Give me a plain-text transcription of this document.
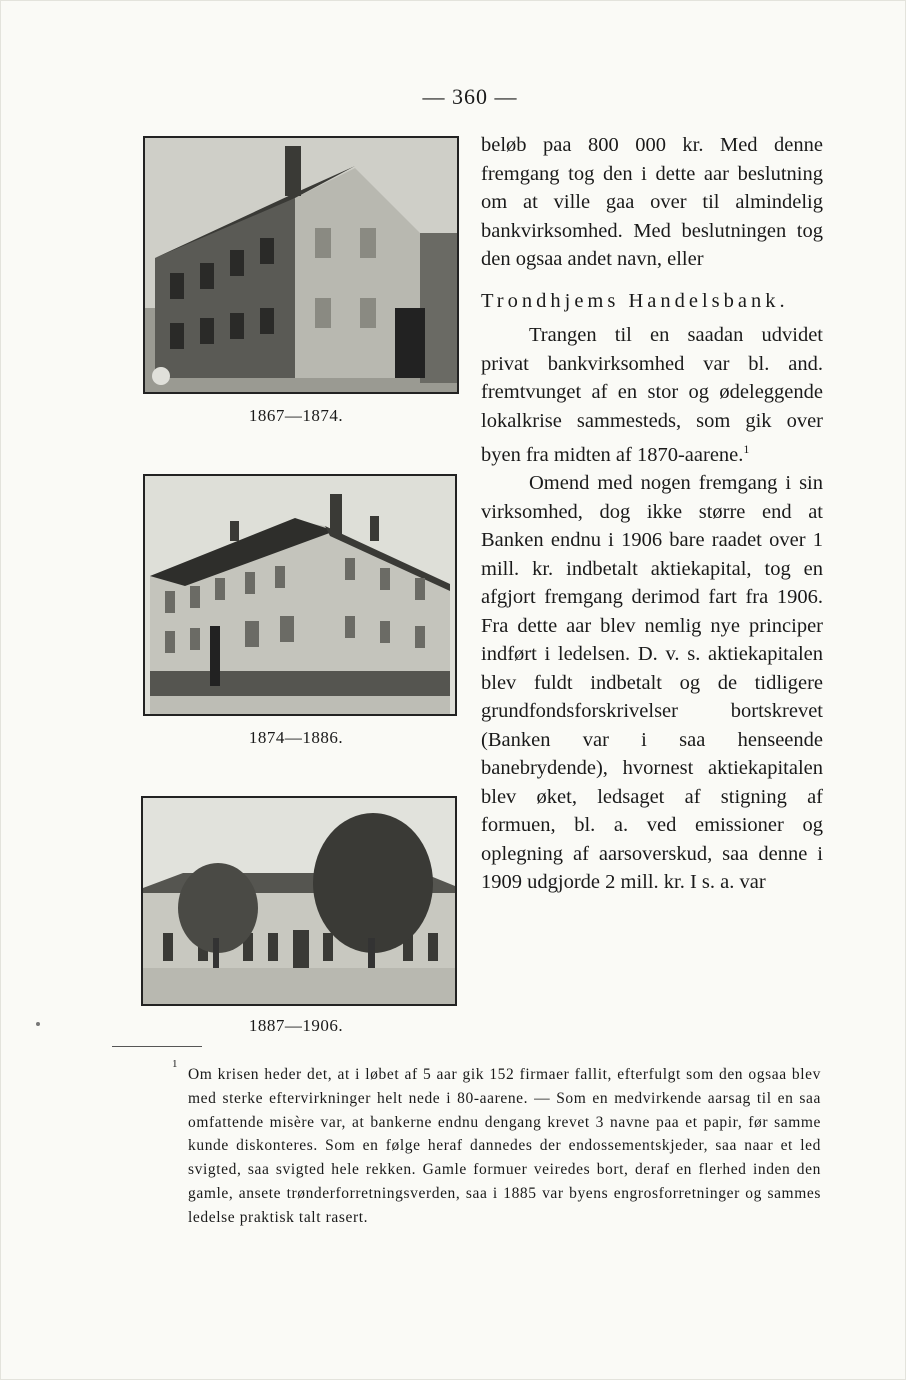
— 360 —
1867—1874.
1874—1886.
1887—1906.

beløb paa 800 000 kr. Med denne fremgang tog den i dette aar beslutning om at ville gaa over til almindelig bankvirksomhed. Med beslutningen tog den ogsaa andet navn, eller

Trondhjems Handelsbank.

Trangen til en saadan udvidet privat bankvirksomhed var bl. and. fremtvunget af en stor og ødeleggende lokalkrise sammesteds, som gik over byen fra midten af 1870-aarene.$^1$

Omend med nogen fremgang i sin virksomhed, dog ikke større end at Banken endnu i 1906 bare raadet over 1 mill. kr. indbetalt aktiekapital, tog en afgjort fremgang derimod fart fra 1906. Fra dette aar blev nemlig nye principer indført i ledelsen. D. v. s. aktiekapitalen blev fuldt indbetalt og de tidligere grundfondsforskrivelser bortskrevet (Banken var i saa henseende banebrydende), hvornest aktiekapitalen blev øket, ledsaget af stigning af formuen, bl. a. ved emissioner og oplegning af aarsoverskud, saa denne i 1909 udgjorde 2 mill. kr. I s. a. var

1
Om krisen heder det, at i løbet af 5 aar gik 152 firmaer fallit, efterfulgt som den ogsaa blev med sterke eftervirkninger helt nede i 80-aarene. — Som en medvirkende aarsag til en saa omfattende misère var, at bankerne endnu dengang krevet 3 navne paa et papir, før samme kunde diskonteres. Som en følge heraf dannedes der endossementskjeder, saa naar et led svigted, saa svigted hele rekken. Gamle formuer veiredes bort, deraf en flerhed inden den gamle, ansete trønderforretningsverden, saa i 1885 var byens engrosforretninger og sammes ledelse praktisk talt rasert.
